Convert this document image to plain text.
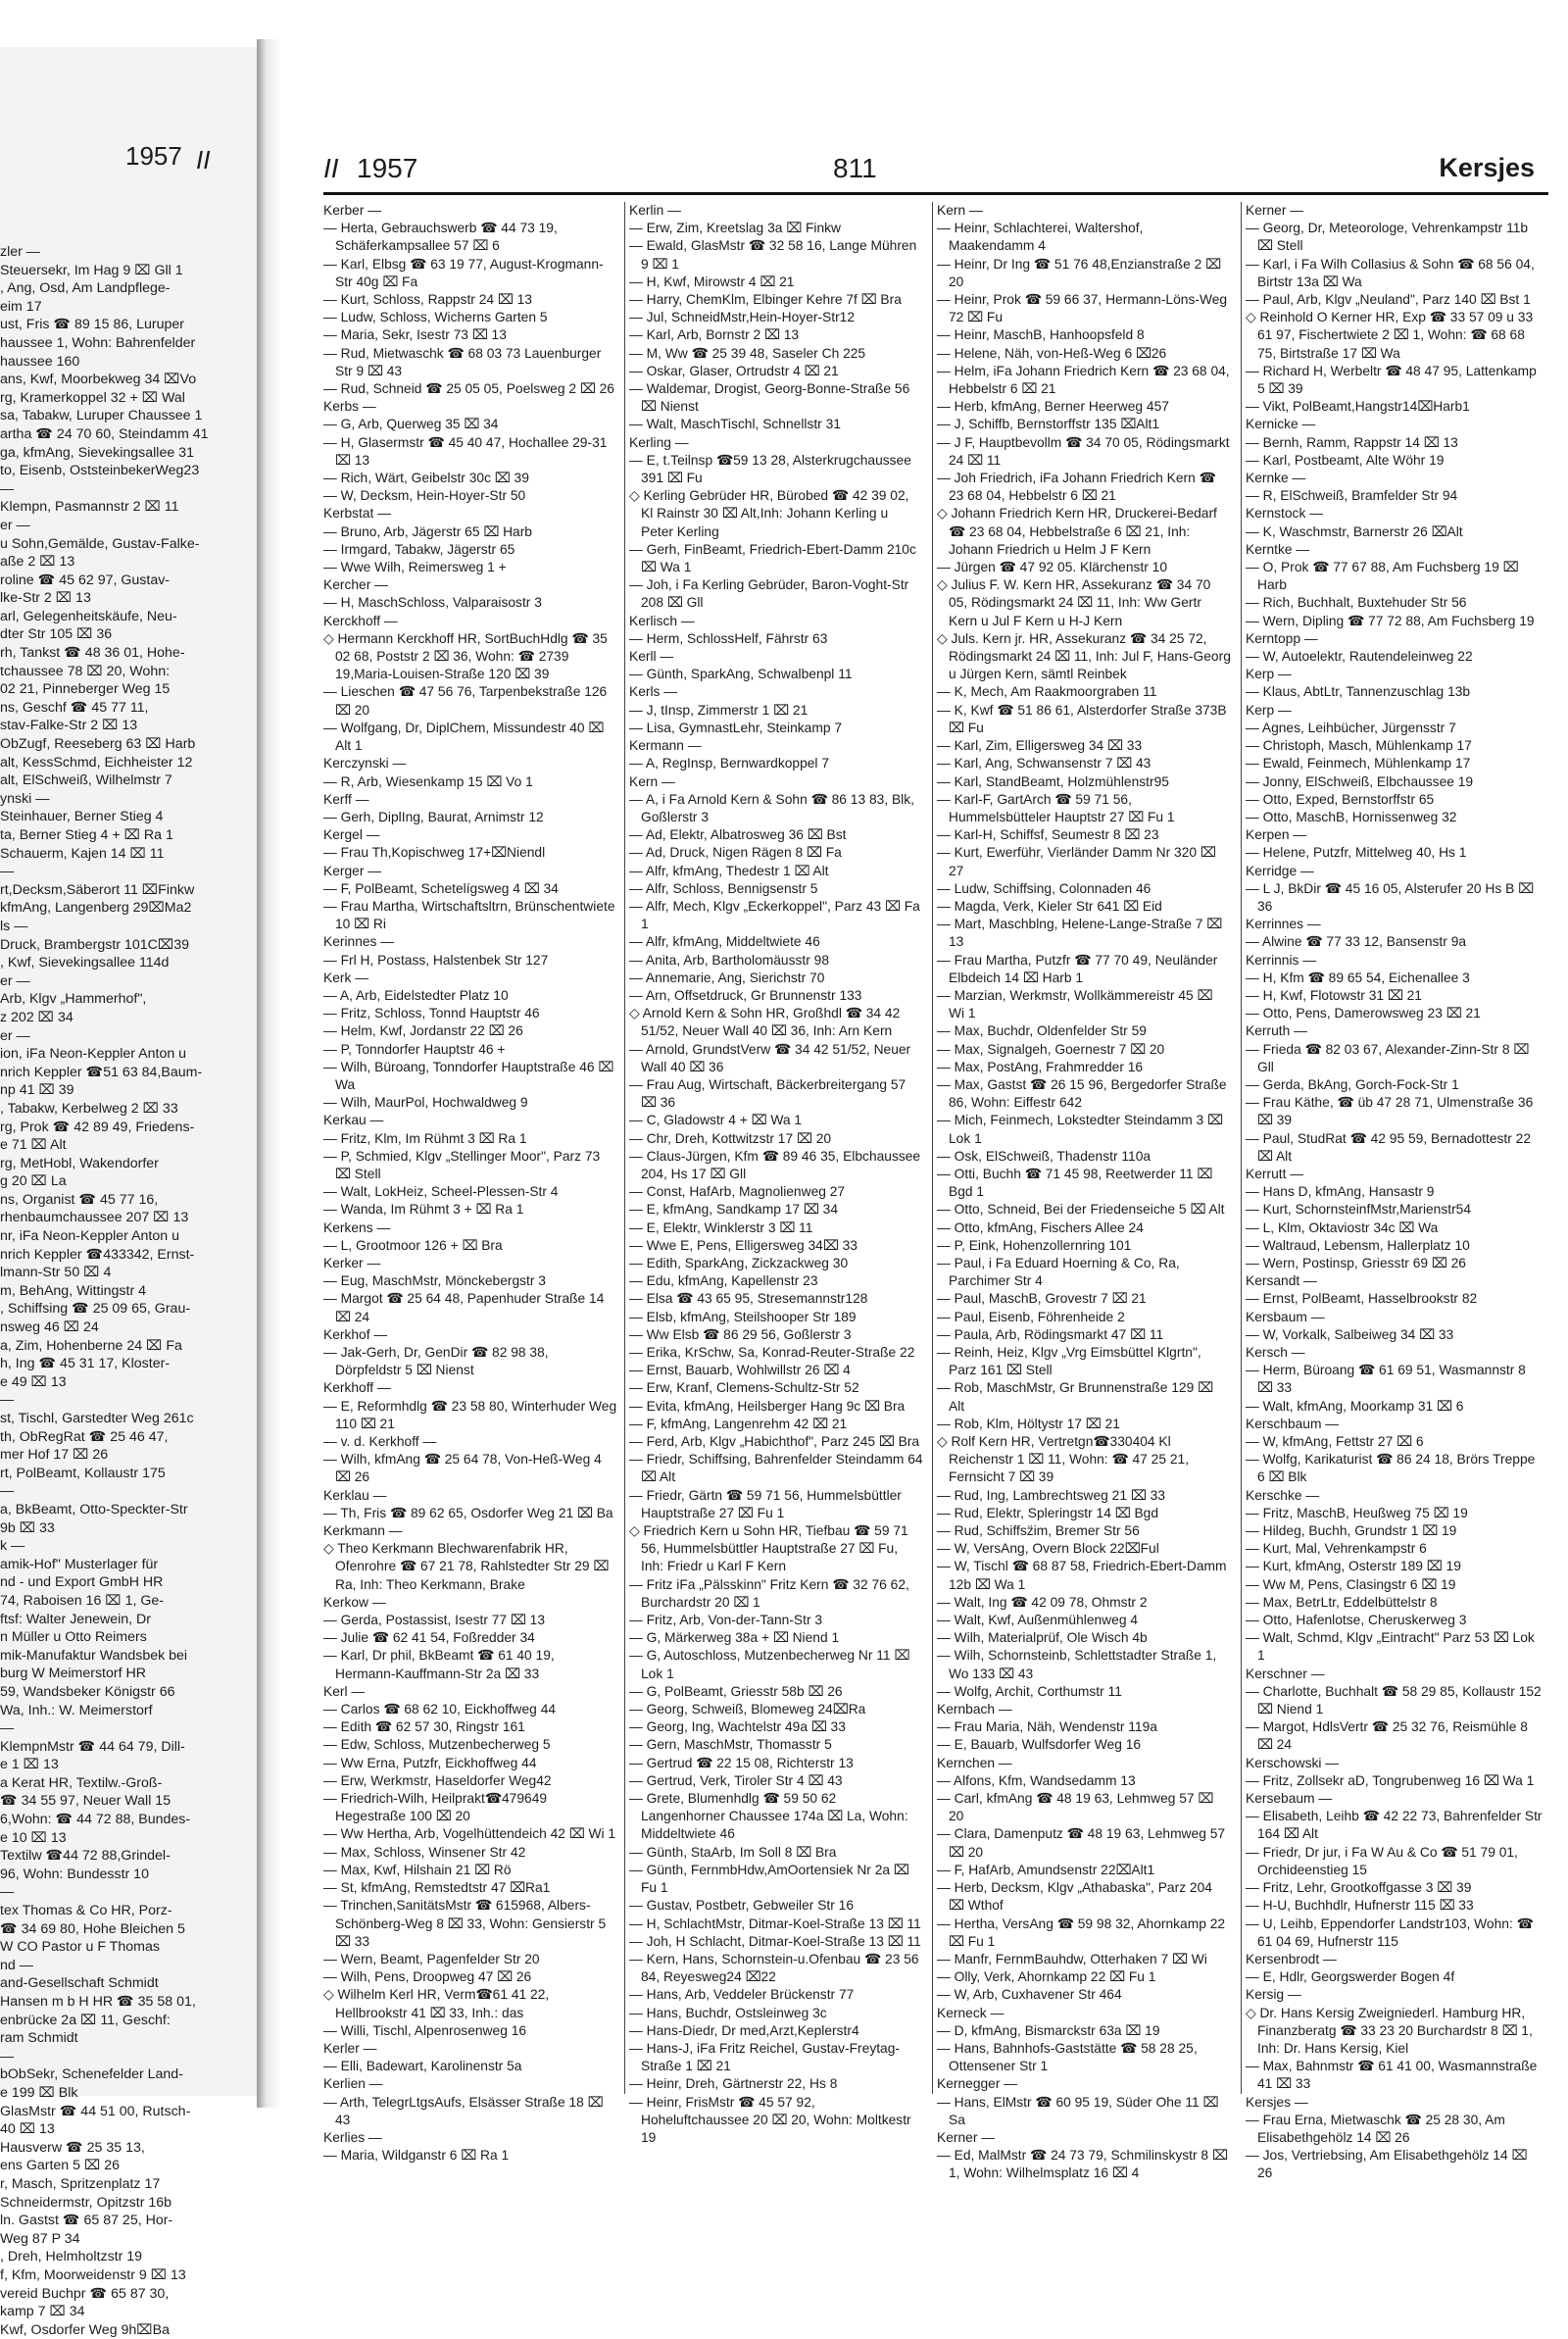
zler —
Steuersekr, Im Hag 9 ⌧ Gll 1
, Ang, Osd, Am Landpflege-
eim 17
ust, Fris ☎ 89 15 86, Luruper
haussee 1, Wohn: Bahrenfelder
haussee 160
ans, Kwf, Moorbekweg 34 ⌧Vo
rg, Kramerkoppel 32 + ⌧ Wal
sa, Tabakw, Luruper Chaussee 1
artha ☎ 24 70 60, Steindamm 41
ga, kfmAng, Sievekingsallee 31
to, Eisenb, OststeinbekerWeg23
—
Klempn, Pasmannstr 2 ⌧ 11
er —
u Sohn,Gemälde, Gustav-Falke-
aße 2 ⌧ 13
roline ☎ 45 62 97, Gustav-
lke-Str 2 ⌧ 13
arl, Gelegenheitskäufe, Neu-
dter Str 105 ⌧ 36
rh, Tankst ☎ 48 36 01, Hohe-
tchaussee 78 ⌧ 20, Wohn:
02 21, Pinneberger Weg 15
ns, Geschf ☎ 45 77 11,
stav-Falke-Str 2 ⌧ 13
ObZugf, Reeseberg 63 ⌧ Harb
alt, KessSchmd, Eichheister 12
alt, ElSchweiß, Wilhelmstr 7
ynski —
Steinhauer, Berner Stieg 4
ta, Berner Stieg 4 + ⌧ Ra 1
Schauerm, Kajen 14 ⌧ 11
—
rt,Decksm,Säberort 11 ⌧Finkw
kfmAng, Langenberg 29⌧Ma2
ls —
Druck, Brambergstr 101C⌧39
, Kwf, Sievekingsallee 114d
er —
Arb, Klgv „Hammerhof",
z 202 ⌧ 34
er —
ion, iFa Neon-Keppler Anton u
nrich Keppler ☎51 63 84,Baum-
np 41 ⌧ 39
, Tabakw, Kerbelweg 2 ⌧ 33
rg, Prok ☎ 42 89 49, Friedens-
e 71 ⌧ Alt
rg, MetHobl, Wakendorfer
g 20 ⌧ La
ns, Organist ☎ 45 77 16,
rhenbaumchaussee 207 ⌧ 13
nr, iFa Neon-Keppler Anton u
nrich Keppler ☎433342, Ernst-
lmann-Str 50 ⌧ 4
m, BehAng, Wittingstr 4
, Schiffsing ☎ 25 09 65, Grau-
nsweg 46 ⌧ 24
a, Zim, Hohenberne 24 ⌧ Fa
h, Ing ☎ 45 31 17, Kloster-
e 49 ⌧ 13
—
st, Tischl, Garstedter Weg 261c
th, ObRegRat ☎ 25 46 47,
mer Hof 17 ⌧ 26
rt, PolBeamt, Kollaustr 175
—
a, BkBeamt, Otto-Speckter-Str
9b ⌧ 33
k —
amik-Hof" Musterlager für
nd - und Export GmbH HR
74, Raboisen 16 ⌧ 1, Ge-
ftsf: Walter Jenewein, Dr
n Müller u Otto Reimers
mik-Manufaktur Wandsbek bei
burg W Meimerstorf HR
59, Wandsbeker Königstr 66
Wa, Inh.: W. Meimerstorf
—
KlempnMstr ☎ 44 64 79, Dill-
e 1 ⌧ 13
a Kerat HR, Textilw.-Groß-
☎ 34 55 97, Neuer Wall 15
6,Wohn: ☎ 44 72 88, Bundes-
e 10 ⌧ 13
Textilw ☎44 72 88,Grindel-
96, Wohn: Bundesstr 10
—
tex Thomas & Co HR, Porz-
☎ 34 69 80, Hohe Bleichen 5
W CO Pastor u F Thomas
nd —
and-Gesellschaft Schmidt
Hansen m b H HR ☎ 35 58 01,
enbrücke 2a ⌧ 11, Geschf:
ram Schmidt
—
bObSekr, Schenefelder Land-
e 199 ⌧ Blk
GlasMstr ☎ 44 51 00, Rutsch-
40 ⌧ 13
Hausverw ☎ 25 35 13,
ens Garten 5 ⌧ 26
r, Masch, Spritzenplatz 17
Schneidermstr, Opitzstr 16b
ln. Gastst ☎ 65 87 25, Hor-
Weg 87 P 34
, Dreh, Helmholtzstr 19
f, Kfm, Moorweidenstr 9 ⌧ 13
vereid Buchpr ☎ 65 87 30,
kamp 7 ⌧ 34
Kwf, Osdorfer Weg 9h⌧Ba
1957 II	II 1957	811	Kersjes
Kerber —
— Herta, Gebrauchswerb ☎ 44 73 19, Schäferkampsallee 57 ⌧ 6
— Karl, Elbsg ☎ 63 19 77, August-Krogmann-Str 40g ⌧ Fa
— Kurt, Schloss, Rappstr 24 ⌧ 13
— Ludw, Schloss, Wicherns Garten 5
— Maria, Sekr, Isestr 73 ⌧ 13
— Rud, Mietwaschk ☎ 68 03 73 Lauenburger Str 9 ⌧ 43
— Rud, Schneid ☎ 25 05 05, Poelsweg 2 ⌧ 26
Kerbs —
— G, Arb, Querweg 35 ⌧ 34
— H, Glasermstr ☎ 45 40 47, Hochallee 29-31 ⌧ 13
— Rich, Wärt, Geibelstr 30c ⌧ 39
— W, Decksm, Hein-Hoyer-Str 50
Kerbstat —
— Bruno, Arb, Jägerstr 65 ⌧ Harb
— Irmgard, Tabakw, Jägerstr 65
— Wwe Wilh, Reimersweg 1 +
Kercher —
— H, MaschSchloss, Valparaisostr 3
Kerckhoff —
◇ Hermann Kerckhoff HR, SortBuchHdlg ☎ 35 02 68, Poststr 2 ⌧ 36, Wohn: ☎ 2739 19,Maria-Louisen-Straße 120 ⌧ 39
— Lieschen ☎ 47 56 76, Tarpenbekstraße 126 ⌧ 20
— Wolfgang, Dr, DiplChem, Missundestr 40 ⌧ Alt 1
Kerczynski —
— R, Arb, Wiesenkamp 15 ⌧ Vo 1
Kerff —
— Gerh, DiplIng, Baurat, Arnimstr 12
Kergel —
— Frau Th,Kopischweg 17+⌧Niendl
Kerger —
— F, PolBeamt, Schetelígsweg 4 ⌧ 34
— Frau Martha, Wirtschaftsltrn, Brünschentwiete 10 ⌧ Ri
Kerinnes —
— Frl H, Postass, Halstenbek Str 127
Kerk —
— A, Arb, Eidelstedter Platz 10
— Fritz, Schloss, Tonnd Hauptstr 46
— Helm, Kwf, Jordanstr 22 ⌧ 26
— P, Tonndorfer Hauptstr 46 +
— Wilh, Büroang, Tonndorfer Hauptstraße 46 ⌧ Wa
— Wilh, MaurPol, Hochwaldweg 9
Kerkau —
— Fritz, Klm, Im Rühmt 3 ⌧ Ra 1
— P, Schmied, Klgv „Stellinger Moor", Parz 73 ⌧ Stell
— Walt, LokHeiz, Scheel-Plessen-Str 4
— Wanda, Im Rühmt 3 + ⌧ Ra 1
Kerkens —
— L, Grootmoor 126 + ⌧ Bra
Kerker —
— Eug, MaschMstr, Mönckebergstr 3
— Margot ☎ 25 64 48, Papenhuder Straße 14 ⌧ 24
Kerkhof —
— Jak-Gerh, Dr, GenDir ☎ 82 98 38, Dörpfeldstr 5 ⌧ Nienst
Kerkhoff —
— E, Reformhdlg ☎ 23 58 80, Winterhuder Weg 110 ⌧ 21
— v. d. Kerkhoff —
— Wilh, kfmAng ☎ 25 64 78, Von-Heß-Weg 4 ⌧ 26
Kerklau —
— Th, Fris ☎ 89 62 65, Osdorfer Weg 21 ⌧ Ba
Kerkmann —
◇ Theo Kerkmann Blechwarenfabrik HR, Ofenrohre ☎ 67 21 78, Rahlstedter Str 29 ⌧ Ra, Inh: Theo Kerkmann, Brake
Kerkow —
— Gerda, Postassist, Isestr 77 ⌧ 13
— Julie ☎ 62 41 54, Foßredder 34
— Karl, Dr phil, BkBeamt ☎ 61 40 19, Hermann-Kauffmann-Str 2a ⌧ 33
Kerl —
— Carlos ☎ 68 62 10, Eickhoffweg 44
— Edith ☎ 62 57 30, Ringstr 161
— Edw, Schloss, Mutzenbecherweg 5
— Ww Erna, Putzfr, Eickhoffweg 44
— Erw, Werkmstr, Haseldorfer Weg42
— Friedrich-Wilh, Heilprakt☎479649 Hegestraße 100 ⌧ 20
— Ww Hertha, Arb, Vogelhüttendeich 42 ⌧ Wi 1
— Max, Schloss, Winsener Str 42
— Max, Kwf, Hilshain 21 ⌧ Rö
— St, kfmAng, Remstedtstr 47 ⌧Ra1
— Trinchen,SanitätsMstr ☎ 615968, Albers-Schönberg-Weg 8 ⌧ 33, Wohn: Gensierstr 5 ⌧ 33
— Wern, Beamt, Pagenfelder Str 20
— Wilh, Pens, Droopweg 47 ⌧ 26
◇ Wilhelm Kerl HR, Verm☎61 41 22, Hellbrookstr 41 ⌧ 33, Inh.: das
— Willi, Tischl, Alpenrosenweg 16
Kerler —
— Elli, Badewart, Karolinenstr 5a
Kerlien —
— Arth, TelegrLtgsAufs, Elsässer Straße 18 ⌧ 43
Kerlies —
— Maria, Wildganstr 6 ⌧ Ra 1
Kerlin —
— Erw, Zim, Kreetslag 3a ⌧ Finkw
— Ewald, GlasMstr ☎ 32 58 16, Lange Mühren 9 ⌧ 1
— H, Kwf, Mirowstr 4 ⌧ 21
— Harry, ChemKlm, Elbinger Kehre 7f ⌧ Bra
— Jul, SchneidMstr,Hein-Hoyer-Str12
— Karl, Arb, Bornstr 2 ⌧ 13
— M, Ww ☎ 25 39 48, Saseler Ch 225
— Oskar, Glaser, Ortrudstr 4 ⌧ 21
— Waldemar, Drogist, Georg-Bonne-Straße 56 ⌧ Nienst
— Walt, MaschTischl, Schnellstr 31
Kerling —
— E, t.Teilnsp ☎59 13 28, Alsterkrugchaussee 391 ⌧ Fu
◇ Kerling Gebrüder HR, Bürobed ☎ 42 39 02, Kl Rainstr 30 ⌧ Alt,Inh: Johann Kerling u Peter Kerling
— Gerh, FinBeamt, Friedrich-Ebert-Damm 210c ⌧ Wa 1
— Joh, i Fa Kerling Gebrüder, Baron-Voght-Str 208 ⌧ Gll
Kerlisch —
— Herm, SchlossHelf, Fährstr 63
Kerll —
— Günth, SparkAng, Schwalbenpl 11
Kerls —
— J, tInsp, Zimmerstr 1 ⌧ 21
— Lisa, GymnastLehr, Steinkamp 7
Kermann —
— A, RegInsp, Bernwardkoppel 7
Kern —
— A, i Fa Arnold Kern & Sohn ☎ 86 13 83, Blk, Goßlerstr 3
— Ad, Elektr, Albatrosweg 36 ⌧ Bst
— Ad, Druck, Nigen Rägen 8 ⌧ Fa
— Alfr, kfmAng, Thedestr 1 ⌧ Alt
— Alfr, Schloss, Bennigsenstr 5
— Alfr, Mech, Klgv „Eckerkoppel", Parz 43 ⌧ Fa 1
— Alfr, kfmAng, Middeltwiete 46
— Anita, Arb, Bartholomäusstr 98
— Annemarie, Ang, Sierichstr 70
— Arn, Offsetdruck, Gr Brunnenstr 133
◇ Arnold Kern & Sohn HR, Großhdl ☎ 34 42 51/52, Neuer Wall 40 ⌧ 36, Inh: Arn Kern
— Arnold, GrundstVerw ☎ 34 42 51/52, Neuer Wall 40 ⌧ 36
— Frau Aug, Wirtschaft, Bäckerbreitergang 57 ⌧ 36
— C, Gladowstr 4 + ⌧ Wa 1
— Chr, Dreh, Kottwitzstr 17 ⌧ 20
— Claus-Jürgen, Kfm ☎ 89 46 35, Elbchaussee 204, Hs 17 ⌧ Gll
— Const, HafArb, Magnolienweg 27
— E, kfmAng, Sandkamp 17 ⌧ 34
— E, Elektr, Winklerstr 3 ⌧ 11
— Wwe E, Pens, Elligersweg 34⌧ 33
— Edith, SparkAng, Zickzackweg 30
— Edu, kfmAng, Kapellenstr 23
— Elsa ☎ 43 65 95, Stresemannstr128
— Elsb, kfmAng, Steilshooper Str 189
— Ww Elsb ☎ 86 29 56, Goßlerstr 3
— Erika, KrSchw, Sa, Konrad-Reuter-Straße 22
— Ernst, Bauarb, Wohlwillstr 26 ⌧ 4
— Erw, Kranf, Clemens-Schultz-Str 52
— Evita, kfmAng, Heilsberger Hang 9c ⌧ Bra
— F, kfmAng, Langenrehm 42 ⌧ 21
— Ferd, Arb, Klgv „Habichthof", Parz 245 ⌧ Bra
— Friedr, Schiffsing, Bahrenfelder Steindamm 64 ⌧ Alt
— Friedr, Gärtn ☎ 59 71 56, Hummelsbüttler Hauptstraße 27 ⌧ Fu 1
◇ Friedrich Kern u Sohn HR, Tiefbau ☎ 59 71 56, Hummelsbüttler Hauptstraße 27 ⌧ Fu, Inh: Friedr u Karl F Kern
— Fritz iFa „Pälsskinn" Fritz Kern ☎ 32 76 62, Burchardstr 20 ⌧ 1
— Fritz, Arb, Von-der-Tann-Str 3
— G, Märkerweg 38a + ⌧ Niend 1
— G, Autoschloss, Mutzenbecherweg Nr 11 ⌧ Lok 1
— G, PolBeamt, Griesstr 58b ⌧ 26
— Georg, Schweiß, Blomeweg 24⌧Ra
— Georg, Ing, Wachtelstr 49a ⌧ 33
— Gern, MaschMstr, Thomasstr 5
— Gertrud ☎ 22 15 08, Richterstr 13
— Gertrud, Verk, Tiroler Str 4 ⌧ 43
— Grete, Blumenhdlg ☎ 59 50 62 Langenhorner Chaussee 174a ⌧ La, Wohn: Middeltwiete 46
— Günth, StaArb, Im Soll 8 ⌧ Bra
— Günth, FernmbHdw,AmOortensiek Nr 2a ⌧ Fu 1
— Gustav, Postbetr, Gebweiler Str 16
— H, SchlachtMstr, Ditmar-Koel-Straße 13 ⌧ 11
— Joh, H Schlacht, Ditmar-Koel-Straße 13 ⌧ 11
— Kern, Hans, Schornstein-u.Ofenbau ☎ 23 56 84, Reyesweg24 ⌧22
— Hans, Arb, Veddeler Brückenstr 77
— Hans, Buchdr, Ostsleinweg 3c
— Hans-Diedr, Dr med,Arzt,Keplerstr4
— Hans-J, iFa Fritz Reichel, Gustav-Freytag-Straße 1 ⌧ 21
— Heinr, Dreh, Gärtnerstr 22, Hs 8
— Heinr, FrisMstr ☎ 45 57 92, Hoheluftchaussee 20 ⌧ 20, Wohn: Moltkestr 19
Kern —
— Heinr, Schlachterei, Waltershof, Maakendamm 4
— Heinr, Dr Ing ☎ 51 76 48,Enzianstraße 2 ⌧ 20
— Heinr, Prok ☎ 59 66 37, Hermann-Löns-Weg 72 ⌧ Fu
— Heinr, MaschB, Hanhoopsfeld 8
— Helene, Näh, von-Heß-Weg 6 ⌧26
— Helm, iFa Johann Friedrich Kern ☎ 23 68 04, Hebbelstr 6 ⌧ 21
— Herb, kfmAng, Berner Heerweg 457
— J, Schiffb, Bernstorffstr 135 ⌧Alt1
— J F, Hauptbevollm ☎ 34 70 05, Rödingsmarkt 24 ⌧ 11
— Joh Friedrich, iFa Johann Friedrich Kern ☎ 23 68 04, Hebbelstr 6 ⌧ 21
◇ Johann Friedrich Kern HR, Druckerei-Bedarf ☎ 23 68 04, Hebbelstraße 6 ⌧ 21, Inh: Johann Friedrich u Helm J F Kern
— Jürgen ☎ 47 92 05. Klärchenstr 10
◇ Julius F. W. Kern HR, Assekuranz ☎ 34 70 05, Rödingsmarkt 24 ⌧ 11, Inh: Ww Gertr Kern u Jul F Kern u H-J Kern
◇ Juls. Kern jr. HR, Assekuranz ☎ 34 25 72, Rödingsmarkt 24 ⌧ 11, Inh: Jul F, Hans-Georg u Jürgen Kern, sämtl Reinbek
— K, Mech, Am Raakmoorgraben 11
— K, Kwf ☎ 51 86 61, Alsterdorfer Straße 373B ⌧ Fu
— Karl, Zim, Elligersweg 34 ⌧ 33
— Karl, Ang, Schwansenstr 7 ⌧ 43
— Karl, StandBeamt, Holzmühlenstr95
— Karl-F, GartArch ☎ 59 71 56, Hummelsbütteler Hauptstr 27 ⌧ Fu 1
— Karl-H, Schiffsf, Seumestr 8 ⌧ 23
— Kurt, Ewerführ, Vierländer Damm Nr 320 ⌧ 27
— Ludw, Schiffsing, Colonnaden 46
— Magda, Verk, Kieler Str 641 ⌧ Eid
— Mart, Maschblng, Helene-Lange-Straße 7 ⌧ 13
— Frau Martha, Putzfr ☎ 77 70 49, Neuländer Elbdeich 14 ⌧ Harb 1
— Marzian, Werkmstr, Wollkämmereistr 45 ⌧ Wi 1
— Max, Buchdr, Oldenfelder Str 59
— Max, Signalgeh, Goernestr 7 ⌧ 20
— Max, PostAng, Frahmredder 16
— Max, Gastst ☎ 26 15 96, Bergedorfer Straße 86, Wohn: Eiffestr 642
— Mich, Feinmech, Lokstedter Steindamm 3 ⌧ Lok 1
— Osk, ElSchweiß, Thadenstr 110a
— Otti, Buchh ☎ 71 45 98, Reetwerder 11 ⌧ Bgd 1
— Otto, Schneid, Bei der Friedenseiche 5 ⌧ Alt
— Otto, kfmAng, Fischers Allee 24
— P, Eink, Hohenzollernring 101
— Paul, i Fa Eduard Hoerning & Co, Ra, Parchimer Str 4
— Paul, MaschB, Grovestr 7 ⌧ 21
— Paul, Eisenb, Föhrenheide 2
— Paula, Arb, Rödingsmarkt 47 ⌧ 11
— Reinh, Heiz, Klgv „Vrg Eimsbüttel Klgrtn", Parz 161 ⌧ Stell
— Rob, MaschMstr, Gr Brunnenstraße 129 ⌧ Alt
— Rob, Klm, Höltystr 17 ⌧ 21
◇ Rolf Kern HR, Vertretgn☎330404 Kl Reichenstr 1 ⌧ 11, Wohn: ☎ 47 25 21, Fernsicht 7 ⌧ 39
— Rud, Ing, Lambrechtsweg 21 ⌧ 33
— Rud, Elektr, Spleringstr 14 ⌧ Bgd
— Rud, Schiffsz̈im, Bremer Str 56
— W, VersAng, Overn Block 22⌧Ful
— W, Tischl ☎ 68 87 58, Friedrich-Ebert-Damm 12b ⌧ Wa 1
— Walt, Ing ☎ 42 09 78, Ohmstr 2
— Walt, Kwf, Außenmühlenweg 4
— Wilh, Materialprüf, Ole Wisch 4b
— Wilh, Schornsteinb, Schlettstadter Straße 1, Wo 133 ⌧ 43
— Wolfg, Archit, Corthumstr 11
Kernbach —
— Frau Maria, Näh, Wendenstr 119a
— E, Bauarb, Wulfsdorfer Weg 16
Kernchen —
— Alfons, Kfm, Wandsedamm 13
— Carl, kfmAng ☎ 48 19 63, Lehmweg 57 ⌧ 20
— Clara, Damenputz ☎ 48 19 63, Lehmweg 57 ⌧ 20
— F, HafArb, Amundsenstr 22⌧Alt1
— Herb, Decksm, Klgv „Athabaska", Parz 204 ⌧ Wthof
— Hertha, VersAng ☎ 59 98 32, Ahornkamp 22 ⌧ Fu 1
— Manfr, FernmBauhdw, Otterhaken 7 ⌧ Wi
— Olly, Verk, Ahornkamp 22 ⌧ Fu 1
— W, Arb, Cuxhavener Str 464
Kerneck —
— D, kfmAng, Bismarckstr 63a ⌧ 19
— Hans, Bahnhofs-Gaststätte ☎ 58 28 25, Ottensener Str 1
Kernegger —
— Hans, ElMstr ☎ 60 95 19, Süder Ohe 11 ⌧ Sa
Kerner —
— Ed, MalMstr ☎ 24 73 79, Schmilinskystr 8 ⌧ 1, Wohn: Wilhelmsplatz 16 ⌧ 4
Kerner —
— Georg, Dr, Meteorologe, Vehrenkampstr 11b ⌧ Stell
— Karl, i Fa Wilh Collasius & Sohn ☎ 68 56 04, Birtstr 13a ⌧ Wa
— Paul, Arb, Klgv „Neuland", Parz 140 ⌧ Bst 1
◇ Reinhold O Kerner HR, Exp ☎ 33 57 09 u 33 61 97, Fischertwiete 2 ⌧ 1, Wohn: ☎ 68 68 75, Birtstraße 17 ⌧ Wa
— Richard H, Werbeltr ☎ 48 47 95, Lattenkamp 5 ⌧ 39
— Vikt, PolBeamt,Hangstr14⌧Harb1
Kernicke —
— Bernh, Ramm, Rappstr 14 ⌧ 13
— Karl, Postbeamt, Alte Wöhr 19
Kernke —
— R, ElSchweiß, Bramfelder Str 94
Kernstock —
— K, Waschmstr, Barnerstr 26 ⌧Alt
Kerntke —
— O, Prok ☎ 77 67 88, Am Fuchsberg 19 ⌧ Harb
— Rich, Buchhalt, Buxtehuder Str 56
— Wern, Dipling ☎ 77 72 88, Am Fuchsberg 19
Kerntopp —
— W, Autoelektr, Rautendeleinweg 22
Kerp —
— Klaus, AbtLtr, Tannenzuschlag 13b
Kerp —
— Agnes, Leihbücher, Jürgensstr 7
— Christoph, Masch, Mühlenkamp 17
— Ewald, Feinmech, Mühlenkamp 17
— Jonny, ElSchweiß, Elbchaussee 19
— Otto, Exped, Bernstorffstr 65
— Otto, MaschB, Hornissenweg 32
Kerpen —
— Helene, Putzfr, Mittelweg 40, Hs 1
Kerridge —
— L J, BkDir ☎ 45 16 05, Alsterufer 20 Hs B ⌧ 36
Kerrinnes —
— Alwine ☎ 77 33 12, Bansenstr 9a
Kerrinnis —
— H, Kfm ☎ 89 65 54, Eichenallee 3
— H, Kwf, Flotowstr 31 ⌧ 21
— Otto, Pens, Damerowsweg 23 ⌧ 21
Kerruth —
— Frieda ☎ 82 03 67, Alexander-Zinn-Str 8 ⌧ Gll
— Gerda, BkAng, Gorch-Fock-Str 1
— Frau Käthe, ☎ üb 47 28 71, Ulmenstraße 36 ⌧ 39
— Paul, StudRat ☎ 42 95 59, Bernadottestr 22 ⌧ Alt
Kerrutt —
— Hans D, kfmAng, Hansastr 9
— Kurt, SchornsteinfMstr,Marienstr54
— L, Klm, Oktaviostr 34c ⌧ Wa
— Waltraud, Lebensm, Hallerplatz 10
— Wern, Postinsp, Griesstr 69 ⌧ 26
Kersandt —
— Ernst, PolBeamt, Hasselbrookstr 82
Kersbaum —
— W, Vorkalk, Salbeiweg 34 ⌧ 33
Kersch —
— Herm, Büroang ☎ 61 69 51, Wasmannstr 8 ⌧ 33
— Walt, kfmAng, Moorkamp 31 ⌧ 6
Kerschbaum —
— W, kfmAng, Fettstr 27 ⌧ 6
— Wolfg, Karikaturist ☎ 86 24 18, Brörs Treppe 6 ⌧ Blk
Kerschke —
— Fritz, MaschB, Heußweg 75 ⌧ 19
— Hildeg, Buchh, Grundstr 1 ⌧ 19
— Kurt, Mal, Vehrenkampstr 6
— Kurt, kfmAng, Osterstr 189 ⌧ 19
— Ww M, Pens, Clasingstr 6 ⌧ 19
— Max, BetrLtr, Eddelbüttelstr 8
— Otto, Hafenlotse, Cheruskerweg 3
— Walt, Schmd, Klgv „Eintracht" Parz 53 ⌧ Lok 1
Kerschner —
— Charlotte, Buchhalt ☎ 58 29 85, Kollaustr 152 ⌧ Niend 1
— Margot, HdlsVertr ☎ 25 32 76, Reismühle 8 ⌧ 24
Kerschowski —
— Fritz, Zollsekr aD, Tongrubenweg 16 ⌧ Wa 1
Kersebaum —
— Elisabeth, Leihb ☎ 42 22 73, Bahrenfelder Str 164 ⌧ Alt
— Friedr, Dr jur, i Fa W Au & Co ☎ 51 79 01, Orchideenstieg 15
— Fritz, Lehr, Grootkoffgasse 3 ⌧ 39
— H-U, Buchhdlr, Hufnerstr 115 ⌧ 33
— U, Leihb, Eppendorfer Landstr103, Wohn: ☎ 61 04 69, Hufnerstr 115
Kersenbrodt —
— E, Hdlr, Georgswerder Bogen 4f
Kersig —
◇ Dr. Hans Kersig Zweigniederl. Hamburg HR, Finanzberatg ☎ 33 23 20 Burchardstr 8 ⌧ 1, Inh: Dr. Hans Kersig, Kiel
— Max, Bahnmstr ☎ 61 41 00, Wasmannstraße 41 ⌧ 33
Kersjes —
— Frau Erna, Mietwaschk ☎ 25 28 30, Am Elisabethgehölz 14 ⌧ 26
— Jos, Vertriebsing, Am Elisabethgehölz 14 ⌧ 26
